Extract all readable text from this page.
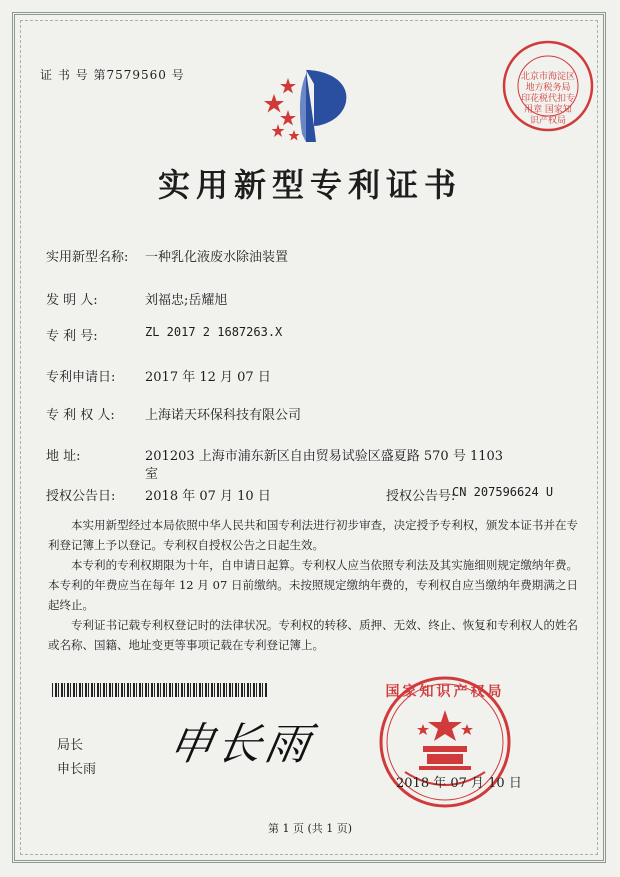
证 书 号 第7579560 号	北京市海淀区地方税务局 印花税代扣专用章 国家知识产权局
实用新型专利证书
实用新型名称: 一种乳化液废水除油装置
发 明 人:	刘福忠;岳耀旭
专 利 号:	ZL 2017 2 1687263.X
专利申请日: 2017 年 12 月 07 日
专 利 权 人: 上海诺天环保科技有限公司
地 址:	201203 上海市浦东新区自由贸易试验区盛夏路 570 号 1103
室
授权公告日: 2018 年 07 月 10 日	授权公告号:
CN 207596624 U
本实用新型经过本局依照中华人民共和国专利法进行初步审查，决定授予专利权，颁发本证书并在专利登记簿上予以登记。专利权自授权公告之日起生效。
本专利的专利权期限为十年，自申请日起算。专利权人应当依照专利法及其实施细则规定缴纳年费。本专利的年费应当在每年 12 月 07 日前缴纳。未按照规定缴纳年费的，专利权自应当缴纳年费期满之日起终止。
专利证书记载专利权登记时的法律状况。专利权的转移、质押、无效、终止、恢复和专利权人的姓名或名称、国籍、地址变更等事项记载在专利登记簿上。
局长
申长雨 申长雨
国家知识产权局
2018 年 07 月 10 日
第 1 页 (共 1 页)
